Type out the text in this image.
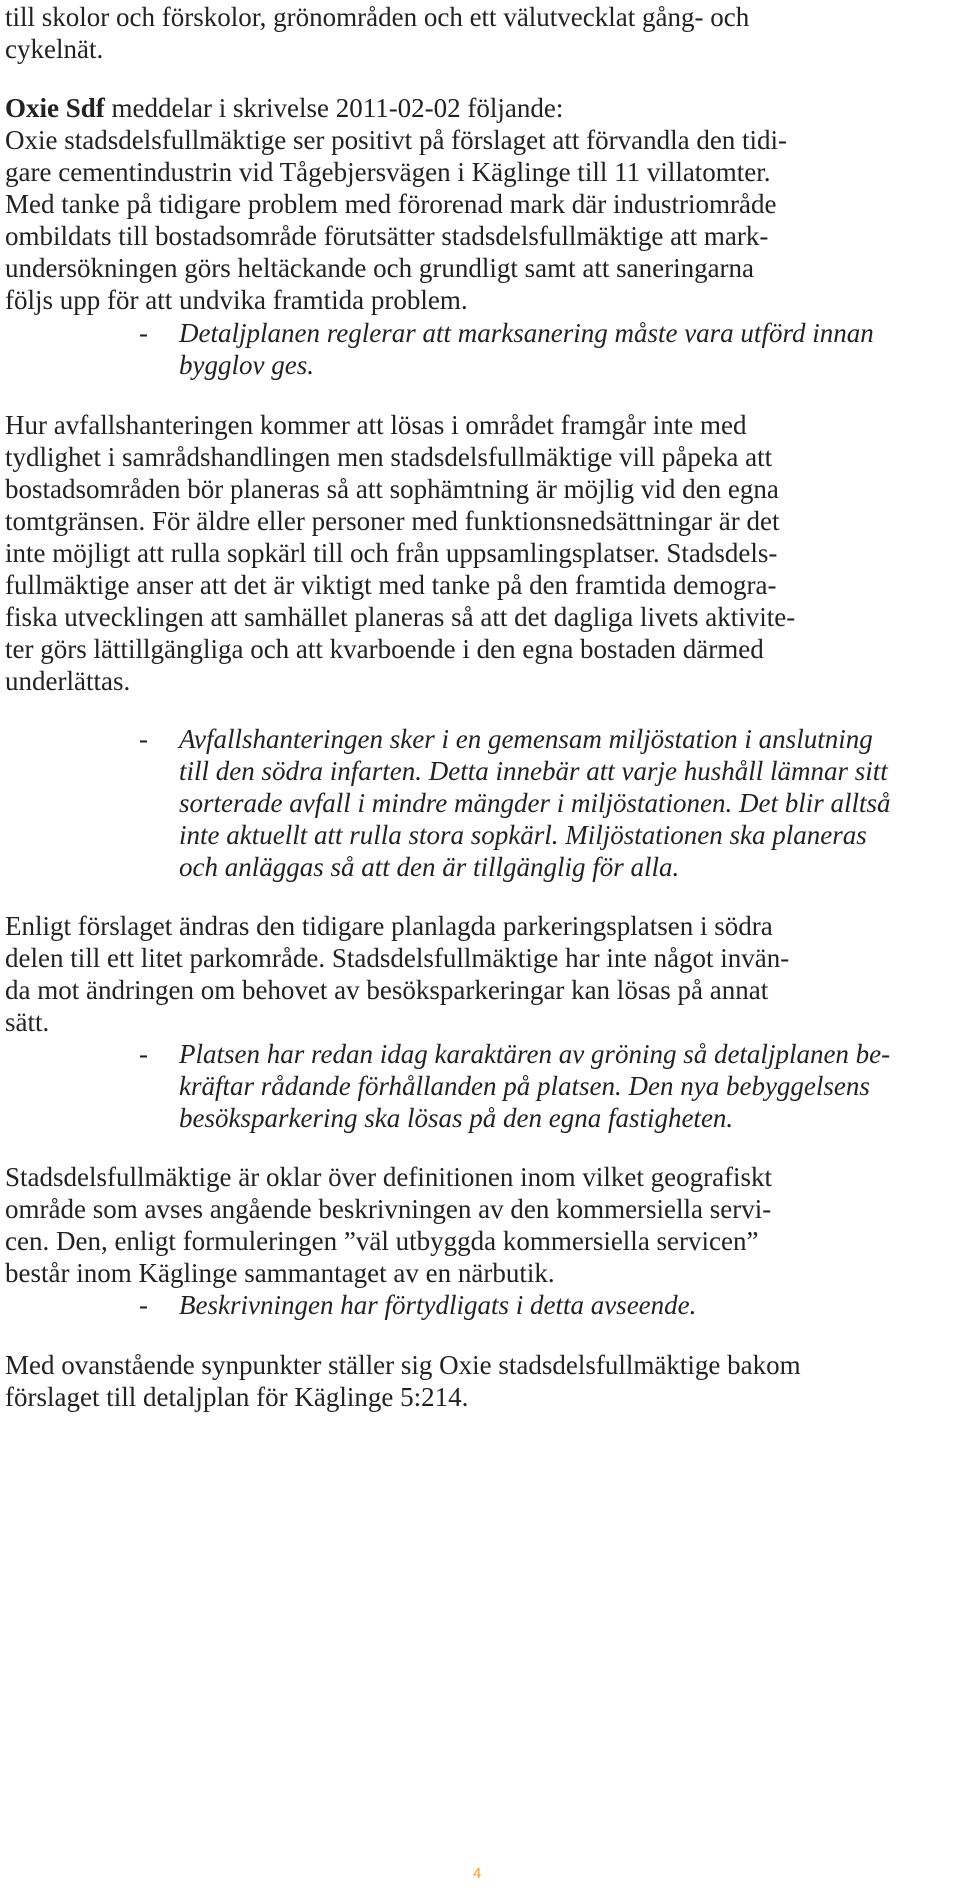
till skolor och förskolor, grönområden och ett välutvecklat gång- och
cykelnät.
Oxie Sdf meddelar i skrivelse 2011-02-02 följande:
Oxie stadsdelsfullmäktige ser positivt på förslaget att förvandla den tidi-
gare cementindustrin vid Tågebjersvägen i Käglinge till 11 villatomter.
Med tanke på tidigare problem med förorenad mark där industriområde
ombildats till bostadsområde förutsätter stadsdelsfullmäktige att mark-
undersökningen görs heltäckande och grundligt samt att saneringarna
följs upp för att undvika framtida problem.
- Detaljplanen reglerar att marksanering måste vara utförd innan
bygglov ges.
Hur avfallshanteringen kommer att lösas i området framgår inte med
tydlighet i samrådshandlingen men stadsdelsfullmäktige vill påpeka att
bostadsområden bör planeras så att sophämtning är möjlig vid den egna
tomtgränsen. För äldre eller personer med funktionsnedsättningar är det
inte möjligt att rulla sopkärl till och från uppsamlingsplatser. Stadsdels-
fullmäktige anser att det är viktigt med tanke på den framtida demogra-
fiska utvecklingen att samhället planeras så att det dagliga livets aktivite-
ter görs lättillgängliga och att kvarboende i den egna bostaden därmed
underlättas.
- Avfallshanteringen sker i en gemensam miljöstation i anslutning
till den södra infarten. Detta innebär att varje hushåll lämnar sitt
sorterade avfall i mindre mängder i miljöstationen. Det blir alltså
inte aktuellt att rulla stora sopkärl. Miljöstationen ska planeras
och anläggas så att den är tillgänglig för alla.
Enligt förslaget ändras den tidigare planlagda parkeringsplatsen i södra
delen till ett litet parkområde. Stadsdelsfullmäktige har inte något invän-
da mot ändringen om behovet av besöksparkeringar kan lösas på annat
sätt.
- Platsen har redan idag karaktären av gröning så detaljplanen be-
kräftar rådande förhållanden på platsen. Den nya bebyggelsens
besöksparkering ska lösas på den egna fastigheten.
Stadsdelsfullmäktige är oklar över definitionen inom vilket geografiskt
område som avses angående beskrivningen av den kommersiella servi-
cen. Den, enligt formuleringen ”väl utbyggda kommersiella servicen”
består inom Käglinge sammantaget av en närbutik.
- Beskrivningen har förtydligats i detta avseende.
Med ovanstående synpunkter ställer sig Oxie stadsdelsfullmäktige bakom
förslaget till detaljplan för Käglinge 5:214.
4
